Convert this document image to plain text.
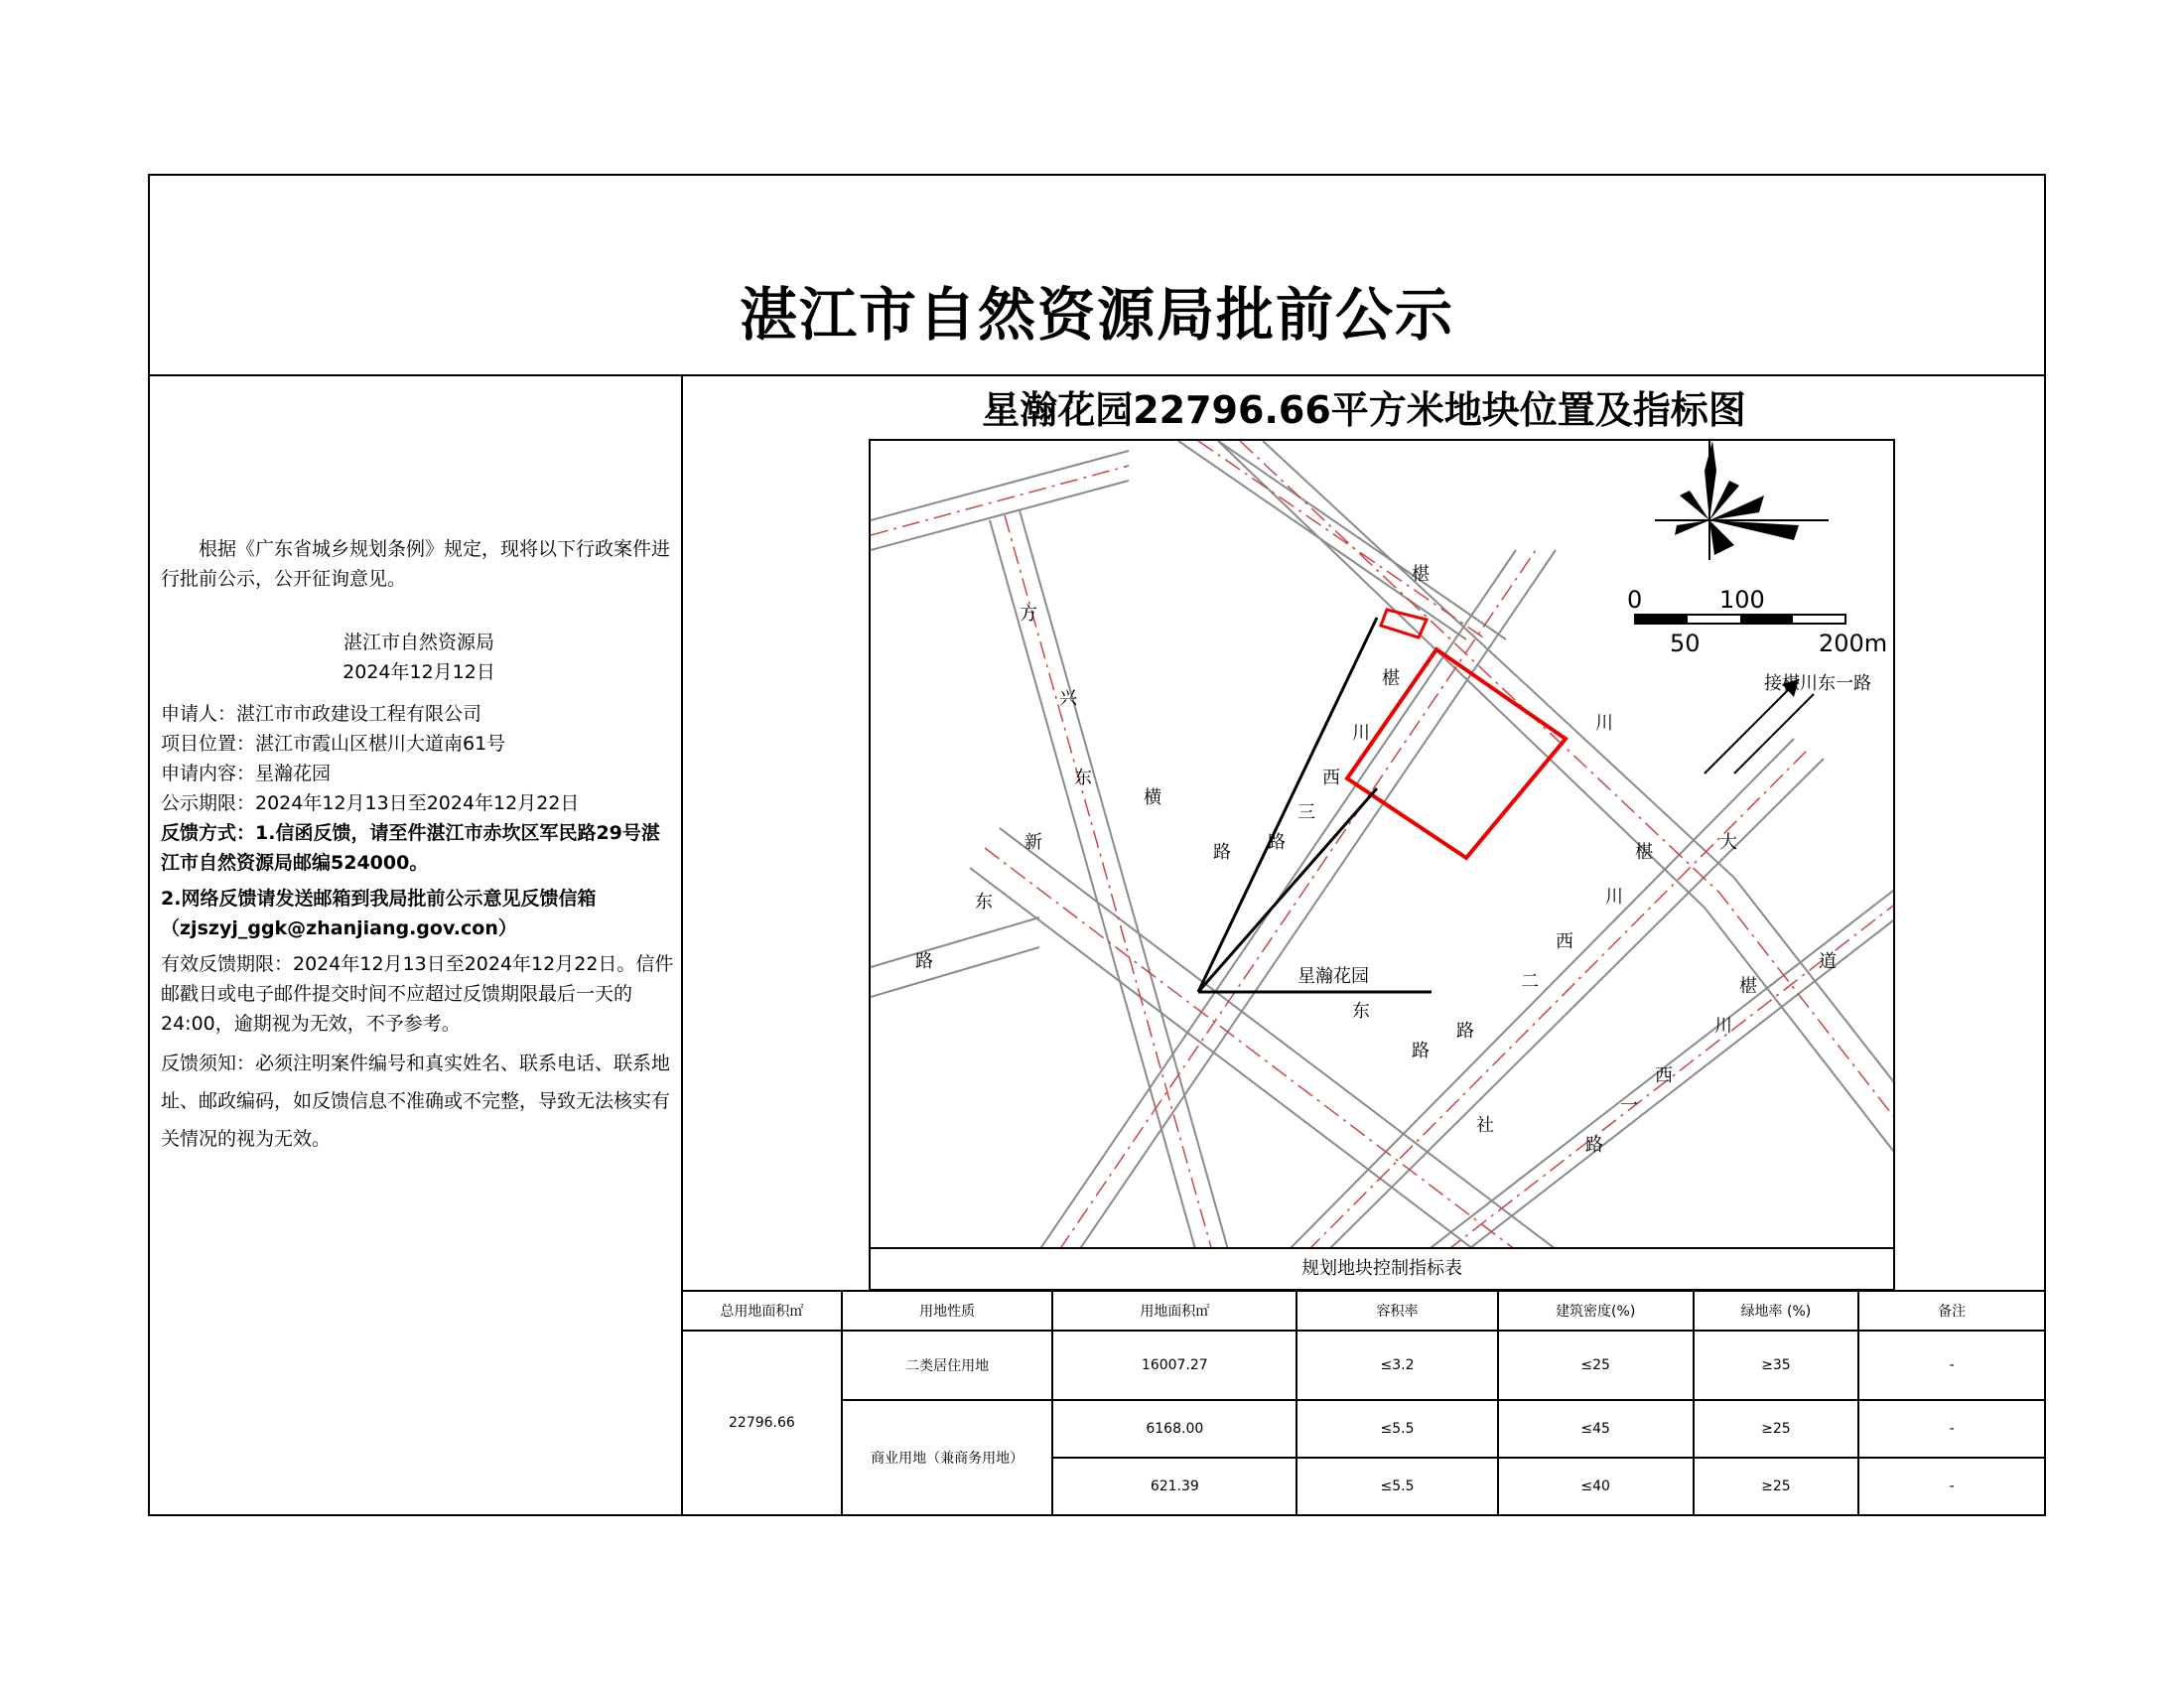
湛江市自然资源局批前公示
星瀚花园22796.66平方米地块位置及指标图

根据《广东省城乡规划条例》规定，现将以下行政案件进行批前公示，公开征询意见。

湛江市自然资源局

2024年12月12日

申请人：湛江市市政建设工程有限公司

项目位置：湛江市霞山区椹川大道南61号

申请内容：星瀚花园

公示期限：2024年12月13日至2024年12月22日

反馈方式：1.信函反馈，请至件湛江市赤坎区军民路29号湛江市自然资源局邮编524000。

2.网络反馈请发送邮箱到我局批前公示意见反馈信箱（zjszyj_ggk@zhanjiang.gov.con）

有效反馈期限：2024年12月13日至2024年12月22日。信件邮戳日或电子邮件提交时间不应超过反馈期限最后一天的24:00，逾期视为无效，不予参考。

反馈须知：必须注明案件编号和真实姓名、联系电话、联系地址、邮政编码，如反馈信息不准确或不完整，导致无法核实有关情况的视为无效。

星瀚花园
方
兴
东
横
路
新
东
路
椹
椹
川
西
三
路
川
大
道
椹
川
西
二
路
东
路
社
椹
川
西
一
路
0	100
50	200m
接椹川东一路
规划地块控制指标表
总用地面积㎡	用地性质	用地面积㎡	容积率	建筑密度(%)	绿地率 (%)	备注
22796.66	二类居住用地	16007.27	≤3.2	≤25	≥35	-
	商业用地（兼商务用地）	6168.00	≤5.5	≤45	≥25	-
		621.39	≤5.5	≤40	≥25	-
